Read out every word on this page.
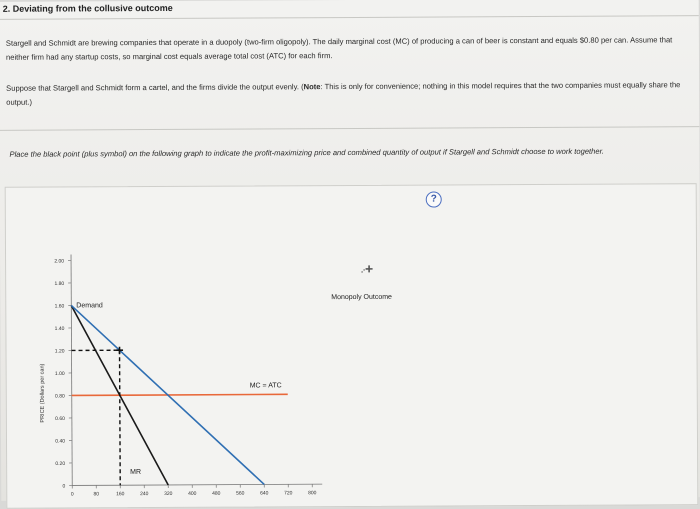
2. Deviating from the collusive outcome
Stargell and Schmidt are brewing companies that operate in a duopoly (two-firm oligopoly). The daily marginal cost (MC) of producing a can of beer is constant and equals $0.80 per can. Assume that neither firm had any startup costs, so marginal cost equals average total cost (ATC) for each firm.
Suppose that Stargell and Schmidt form a cartel, and the firms divide the output evenly. (Note: This is only for convenience; nothing in this model requires that the two companies must equally share the output.)
Place the black point (plus symbol) on the following graph to indicate the profit-maximizing price and combined quantity of output if Stargell and Schmidt choose to work together.
?
0
0.20
0.40
0.60
0.80
1.00
1.20
1.40
1.60
1.80
2.00
0	80	160	240	320	400	480	560	640	720	800
PRICE (Dollars per can)
Demand
MR
MC = ATC
Monopoly Outcome
